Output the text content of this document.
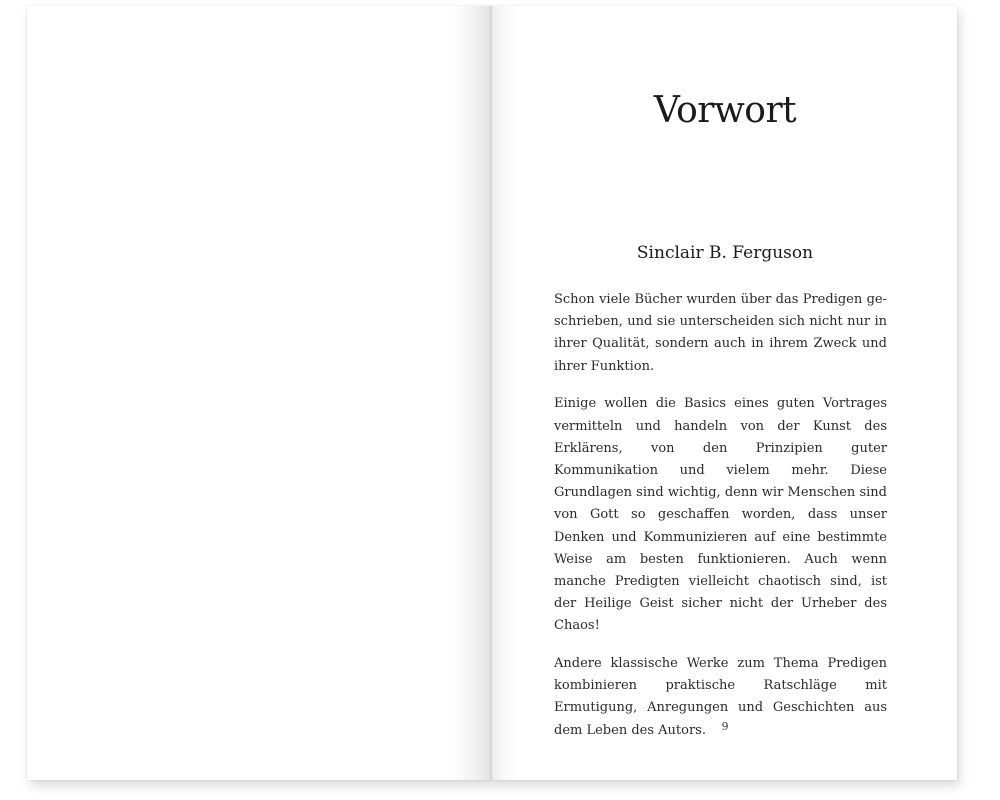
Vorwort
Sinclair B. Ferguson

Schon viele Bücher wurden über das Predigen geschrieben, und sie unterscheiden sich nicht nur in ihrer Qualität, sondern auch in ihrem Zweck und ihrer Funktion.

Einige wollen die Basics eines guten Vortrages vermitteln und handeln von der Kunst des Erklärens, von den Prinzipien guter Kommunikation und vielem mehr. Diese Grundlagen sind wichtig, denn wir Menschen sind von Gott so geschaffen worden, dass unser Denken und Kommunizieren auf eine bestimmte Weise am besten funktionieren. Auch wenn manche Predigten vielleicht chaotisch sind, ist der Heilige Geist sicher nicht der Urheber des Chaos!

Andere klassische Werke zum Thema Predigen kombinieren praktische Ratschläge mit Ermutigung, Anregungen und Geschichten aus dem Leben des Autors.	9
